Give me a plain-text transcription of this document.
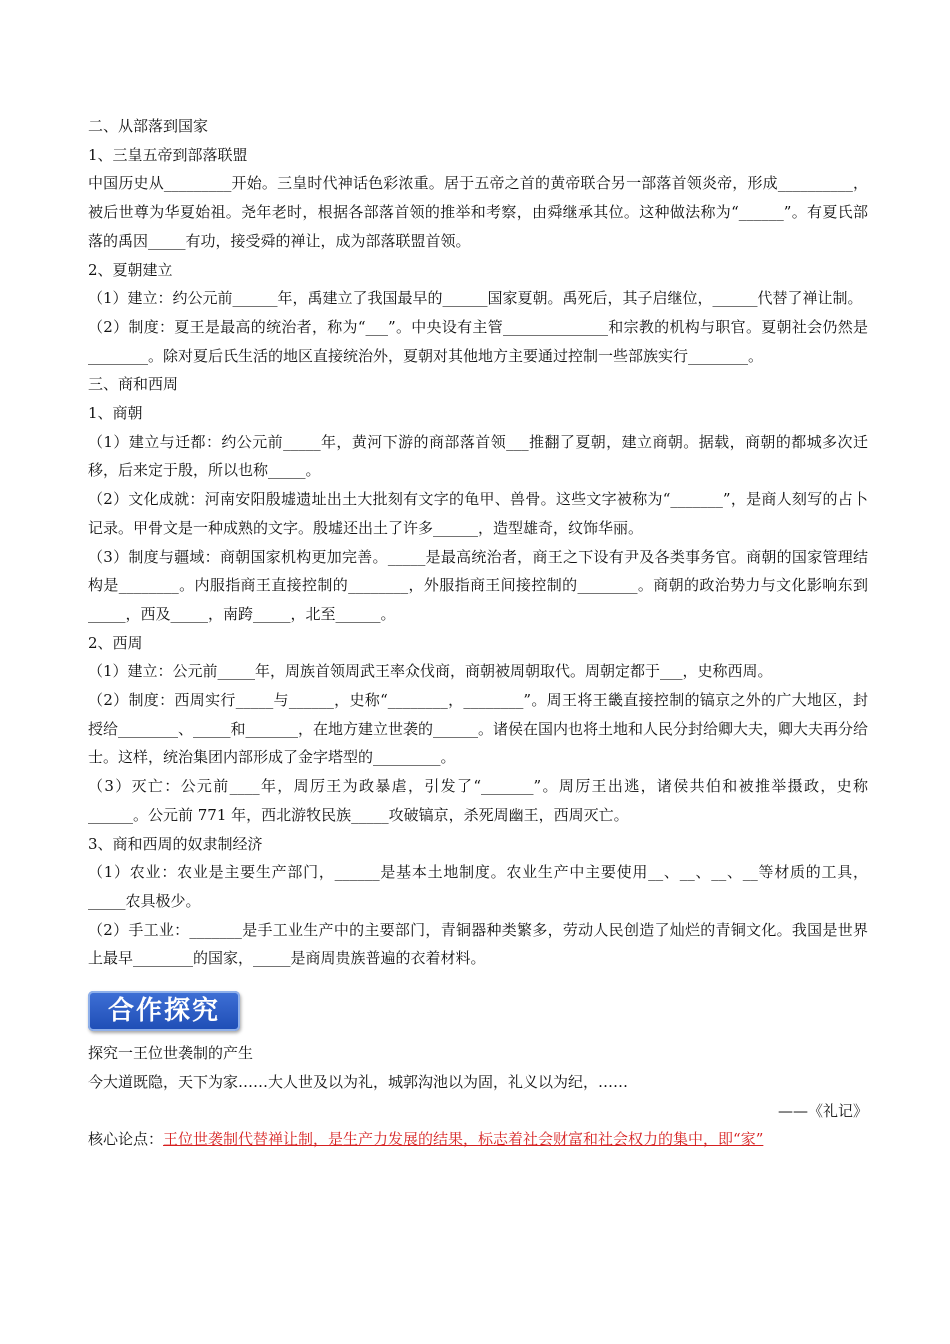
二、从部落到国家

1、三皇五帝到部落联盟

中国历史从_________开始。三皇时代神话色彩浓重。居于五帝之首的黄帝联合另一部落首领炎帝，形成__________，被后世尊为华夏始祖。尧年老时，根据各部落首领的推举和考察，由舜继承其位。这种做法称为“______”。有夏氏部落的禹因_____有功，接受舜的禅让，成为部落联盟首领。

2、夏朝建立

（1）建立：约公元前______年，禹建立了我国最早的______国家夏朝。禹死后，其子启继位，______代替了禅让制。

（2）制度：夏王是最高的统治者，称为“___”。中央设有主管______________和宗教的机构与职官。夏朝社会仍然是________。除对夏后氏生活的地区直接统治外，夏朝对其他地方主要通过控制一些部族实行________。

三、商和西周

1、商朝

（1）建立与迁都：约公元前_____年，黄河下游的商部落首领___推翻了夏朝，建立商朝。据载，商朝的都城多次迁移，后来定于殷，所以也称_____。

（2）文化成就：河南安阳殷墟遗址出土大批刻有文字的龟甲、兽骨。这些文字被称为“_______”，是商人刻写的占卜记录。甲骨文是一种成熟的文字。殷墟还出土了许多______，造型雄奇，纹饰华丽。

（3）制度与疆域：商朝国家机构更加完善。_____是最高统治者，商王之下设有尹及各类事务官。商朝的国家管理结构是________。内服指商王直接控制的________，外服指商王间接控制的________。商朝的政治势力与文化影响东到_____，西及_____，南跨_____，北至______。

2、西周

（1）建立：公元前_____年，周族首领周武王率众伐商，商朝被周朝取代。周朝定都于___，史称西周。

（2）制度：西周实行_____与______，史称“________，________”。周王将王畿直接控制的镐京之外的广大地区，封授给________、_____和_______，在地方建立世袭的______。诸侯在国内也将土地和人民分封给卿大夫，卿大夫再分给士。这样，统治集团内部形成了金字塔型的_________。

（3）灭亡：公元前____年，周厉王为政暴虐，引发了“_______”。周厉王出逃，诸侯共伯和被推举摄政，史称______。公元前 771 年，西北游牧民族_____攻破镐京，杀死周幽王，西周灭亡。

3、商和西周的奴隶制经济

（1）农业：农业是主要生产部门，______是基本土地制度。农业生产中主要使用__、__、__、__等材质的工具，_____农具极少。

（2）手工业：_______是手工业生产中的主要部门，青铜器种类繁多，劳动人民创造了灿烂的青铜文化。我国是世界上最早________的国家，_____是商周贵族普遍的衣着材料。

合作探究

探究一王位世袭制的产生

今大道既隐，天下为家……大人世及以为礼，城郭沟池以为固，礼义以为纪，……

——《礼记》

核心论点：王位世袭制代替禅让制，是生产力发展的结果，标志着社会财富和社会权力的集中，即“家”
